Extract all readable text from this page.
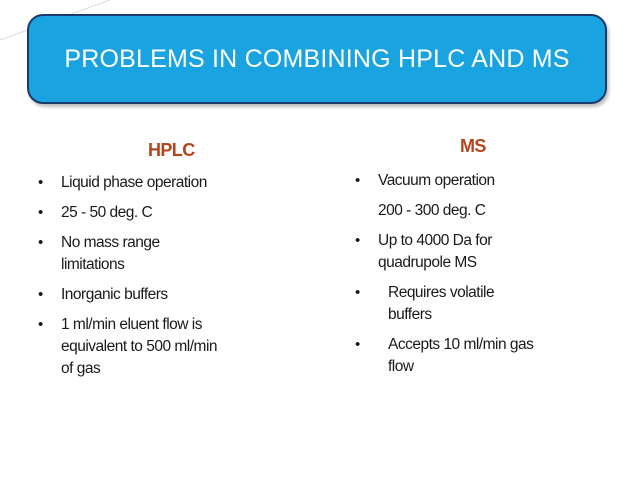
PROBLEMS IN COMBINING HPLC AND MS
HPLC	MS
• Liquid phase operation
• 25 - 50 deg. C
• No mass range
limitations
• Inorganic buffers
• 1 ml/min eluent flow is
equivalent to 500 ml/min
of gas
• Vacuum operation
200 - 300 deg. C
• Up to 4000 Da for
quadrupole MS
• Requires volatile
buffers
• Accepts 10 ml/min gas
flow
